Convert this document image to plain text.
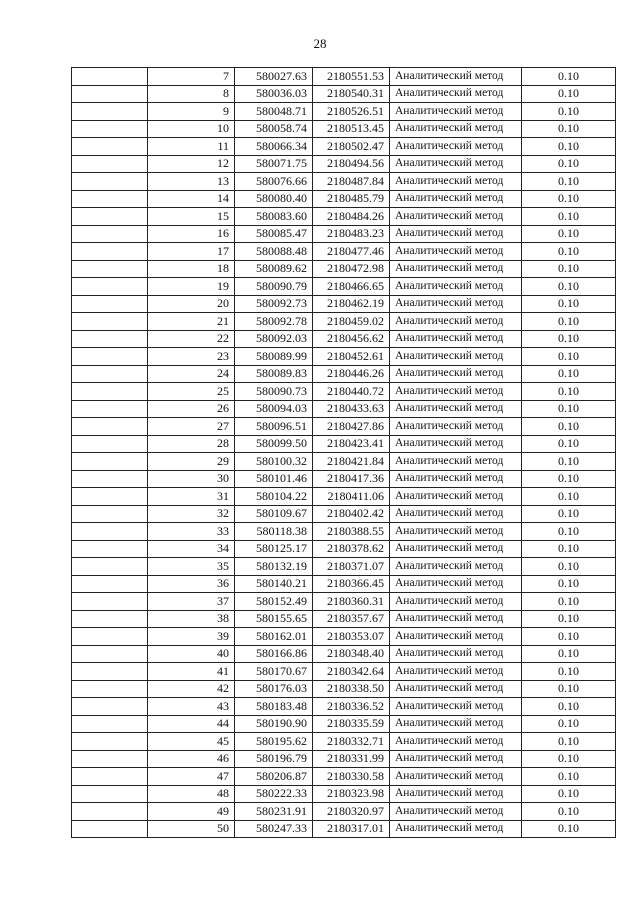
28
	7	580027.63	2180551.53	Аналитический метод	0.10
	8	580036.03	2180540.31	Аналитический метод	0.10
	9	580048.71	2180526.51	Аналитический метод	0.10
	10	580058.74	2180513.45	Аналитический метод	0.10
	11	580066.34	2180502.47	Аналитический метод	0.10
	12	580071.75	2180494.56	Аналитический метод	0.10
	13	580076.66	2180487.84	Аналитический метод	0.10
	14	580080.40	2180485.79	Аналитический метод	0.10
	15	580083.60	2180484.26	Аналитический метод	0.10
	16	580085.47	2180483.23	Аналитический метод	0.10
	17	580088.48	2180477.46	Аналитический метод	0.10
	18	580089.62	2180472.98	Аналитический метод	0.10
	19	580090.79	2180466.65	Аналитический метод	0.10
	20	580092.73	2180462.19	Аналитический метод	0.10
	21	580092.78	2180459.02	Аналитический метод	0.10
	22	580092.03	2180456.62	Аналитический метод	0.10
	23	580089.99	2180452.61	Аналитический метод	0.10
	24	580089.83	2180446.26	Аналитический метод	0.10
	25	580090.73	2180440.72	Аналитический метод	0.10
	26	580094.03	2180433.63	Аналитический метод	0.10
	27	580096.51	2180427.86	Аналитический метод	0.10
	28	580099.50	2180423.41	Аналитический метод	0.10
	29	580100.32	2180421.84	Аналитический метод	0.10
	30	580101.46	2180417.36	Аналитический метод	0.10
	31	580104.22	2180411.06	Аналитический метод	0.10
	32	580109.67	2180402.42	Аналитический метод	0.10
	33	580118.38	2180388.55	Аналитический метод	0.10
	34	580125.17	2180378.62	Аналитический метод	0.10
	35	580132.19	2180371.07	Аналитический метод	0.10
	36	580140.21	2180366.45	Аналитический метод	0.10
	37	580152.49	2180360.31	Аналитический метод	0.10
	38	580155.65	2180357.67	Аналитический метод	0.10
	39	580162.01	2180353.07	Аналитический метод	0.10
	40	580166.86	2180348.40	Аналитический метод	0.10
	41	580170.67	2180342.64	Аналитический метод	0.10
	42	580176.03	2180338.50	Аналитический метод	0.10
	43	580183.48	2180336.52	Аналитический метод	0.10
	44	580190.90	2180335.59	Аналитический метод	0.10
	45	580195.62	2180332.71	Аналитический метод	0.10
	46	580196.79	2180331.99	Аналитический метод	0.10
	47	580206.87	2180330.58	Аналитический метод	0.10
	48	580222.33	2180323.98	Аналитический метод	0.10
	49	580231.91	2180320.97	Аналитический метод	0.10
	50	580247.33	2180317.01	Аналитический метод	0.10
